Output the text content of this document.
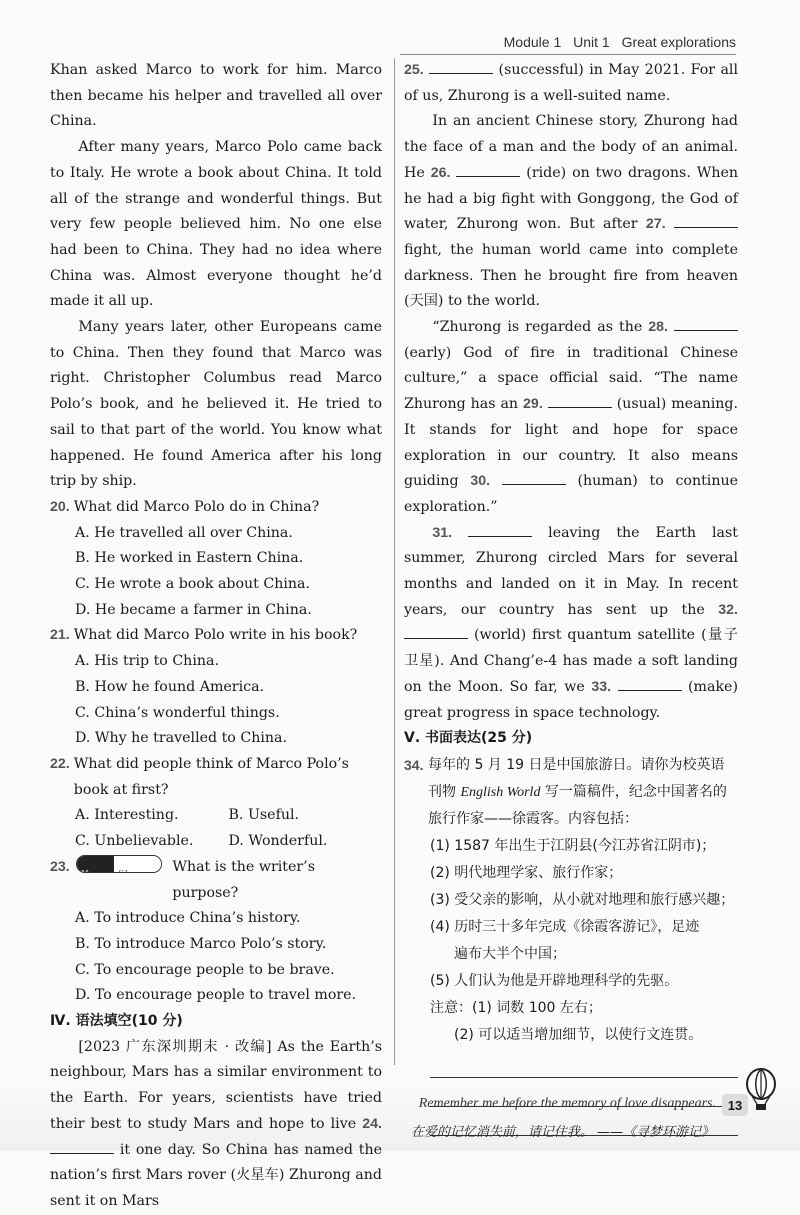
Module 1 Unit 1 Great explorations

Khan asked Marco to work for him. Marco then became his helper and travelled all over China.

After many years, Marco Polo came back to Italy. He wrote a book about China. It told all of the strange and wonderful things. But very few people believed him. No one else had been to China. They had no idea where China was. Almost everyone thought he’d made it all up.

Many years later, other Europeans came to China. Then they found that Marco was right. Christopher Columbus read Marco Polo’s book, and he believed it. He tried to sail to that part of the world. You know what happened. He found America after his long trip by ship.

20. What did Marco Polo do in China?
A. He travelled all over China.
B. He worked in Eastern China.
C. He wrote a book about China.
D. He became a farmer in China.
21. What did Marco Polo write in his book?
A. His trip to China.
B. How he found America.
C. China’s wonderful things.
D. Why he travelled to China.
22. What did people think of Marco Polo’s book at first?
A. Interesting.	B. Useful.
C. Unbelievable.	D. Wonderful.
23.	What is the writer’s purpose?
A. To introduce China’s history.
B. To introduce Marco Polo’s story.
C. To encourage people to be brave.
D. To encourage people to travel more.
Ⅳ. 语法填空(10 分)

[2023 广东深圳期末 · 改编] As the Earth’s neighbour, Mars has a similar environment to the Earth. For years, scientists have tried their best to study Mars and hope to live 24.  it one day. So China has named the nation’s first Mars rover (火星车) Zhurong and sent it on Mars

25.	(successful) in May 2021. For all of us, Zhurong is a well-suited name.

In an ancient Chinese story, Zhurong had the face of a man and the body of an animal. He 26.	(ride) on two dragons. When he had a big fight with Gonggong, the God of water, Zhurong won. But after 27.  fight, the human world came into complete darkness. Then he brought fire from heaven (天国) to the world.

“Zhurong is regarded as the 28.  (early) God of fire in traditional Chinese culture,” a space official said. “The name Zhurong has an 29.	(usual) meaning. It stands for light and hope for space exploration in our country. It also means guiding 30.	(human) to continue exploration.”

31.	leaving the Earth last summer, Zhurong circled Mars for several months and landed on it in May. In recent years, our country has sent up the 32.  (world) first quantum satellite (量子卫星). And Chang’e-4 has made a soft landing on the Moon. So far, we 33.	(make) great progress in space technology.

Ⅴ. 书面表达(25 分)
34. 每年的 5 月 19 日是中国旅游日。请你为校英语刊物 English World 写一篇稿件，纪念中国著名的旅行作家——徐霞客。内容包括：
(1) 1587 年出生于江阴县(今江苏省江阴市)；
(2) 明代地理学家、旅行作家；
(3) 受父亲的影响，从小就对地理和旅行感兴趣；
(4) 历时三十多年完成《徐霞客游记》，足迹
遍布大半个中国；
(5) 人们认为他是开辟地理科学的先驱。
注意：(1) 词数 100 左右；
(2) 可以适当增加细节，以使行文连贯。
Remember me before the memory of love disappears. 13
在爱的记忆消失前，请记住我。 ——《寻梦环游记》
